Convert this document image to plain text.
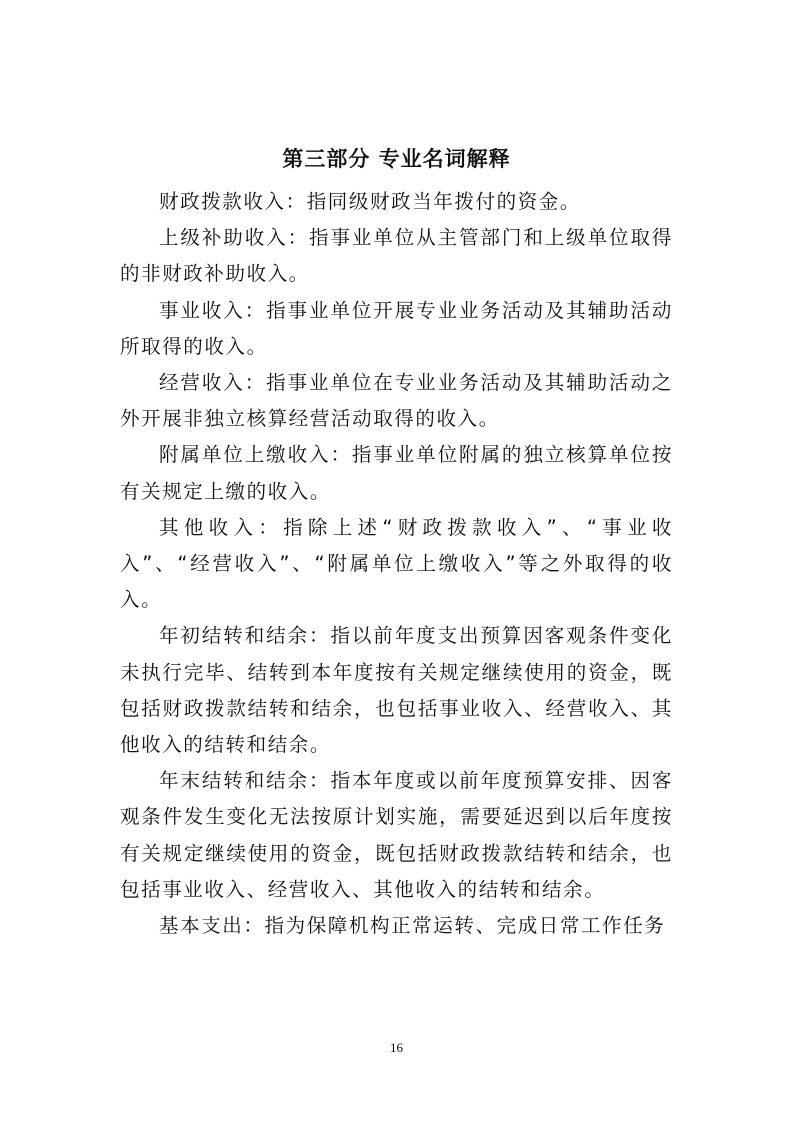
第三部分 专业名词解释

财政拨款收入：指同级财政当年拨付的资金。

上级补助收入：指事业单位从主管部门和上级单位取得的非财政补助收入。

事业收入：指事业单位开展专业业务活动及其辅助活动所取得的收入。

经营收入：指事业单位在专业业务活动及其辅助活动之外开展非独立核算经营活动取得的收入。

附属单位上缴收入：指事业单位附属的独立核算单位按有关规定上缴的收入。

其他收入：指除上述“财政拨款收入”、“事业收入”、“经营收入”、“附属单位上缴收入”等之外取得的收入。

年初结转和结余：指以前年度支出预算因客观条件变化未执行完毕、结转到本年度按有关规定继续使用的资金，既包括财政拨款结转和结余，也包括事业收入、经营收入、其他收入的结转和结余。

年末结转和结余：指本年度或以前年度预算安排、因客观条件发生变化无法按原计划实施，需要延迟到以后年度按有关规定继续使用的资金，既包括财政拨款结转和结余，也包括事业收入、经营收入、其他收入的结转和结余。

基本支出：指为保障机构正常运转、完成日常工作任务

16
